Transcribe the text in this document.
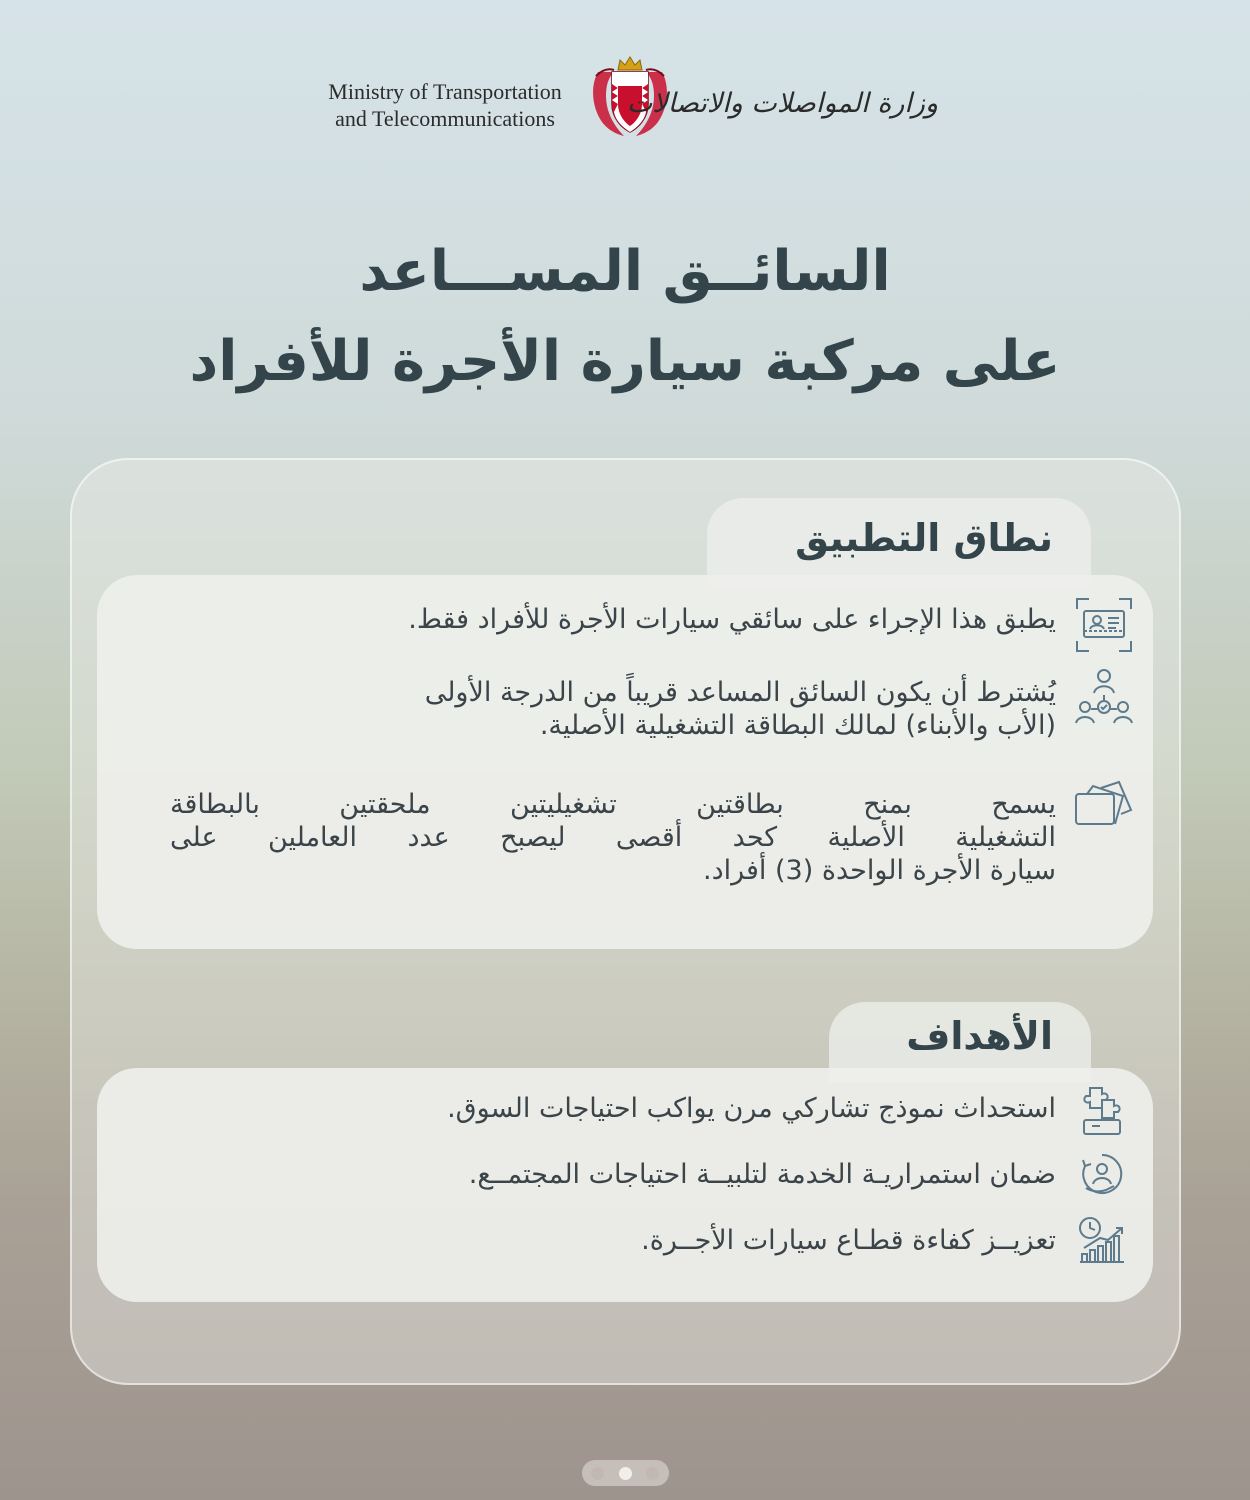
Ministry of Transportation
and Telecommunications	وزارة المواصلات والاتصالات
السائــق المســـاعد
على مركبة سيارة الأجرة للأفراد
نطاق التطبيق
يطبق هذا الإجراء على سائقي سيارات الأجرة للأفراد فقط.
يُشترط أن يكون السائق المساعد قريباً من الدرجة الأولى
(الأب والأبناء) لمالك البطاقة التشغيلية الأصلية.
يسمح بمنح بطاقتين تشغيليتين ملحقتين بالبطاقة
التشغيلية الأصلية كحد أقصى ليصبح عدد العاملين على
سيارة الأجرة الواحدة (3) أفراد.
الأهداف
استحداث نموذج تشاركي مرن يواكب احتياجات السوق.
ضمان استمراريـة الخدمة لتلبيــة احتياجات المجتمــع.
تعزيــز كفاءة قطـاع سيارات الأجــرة.
